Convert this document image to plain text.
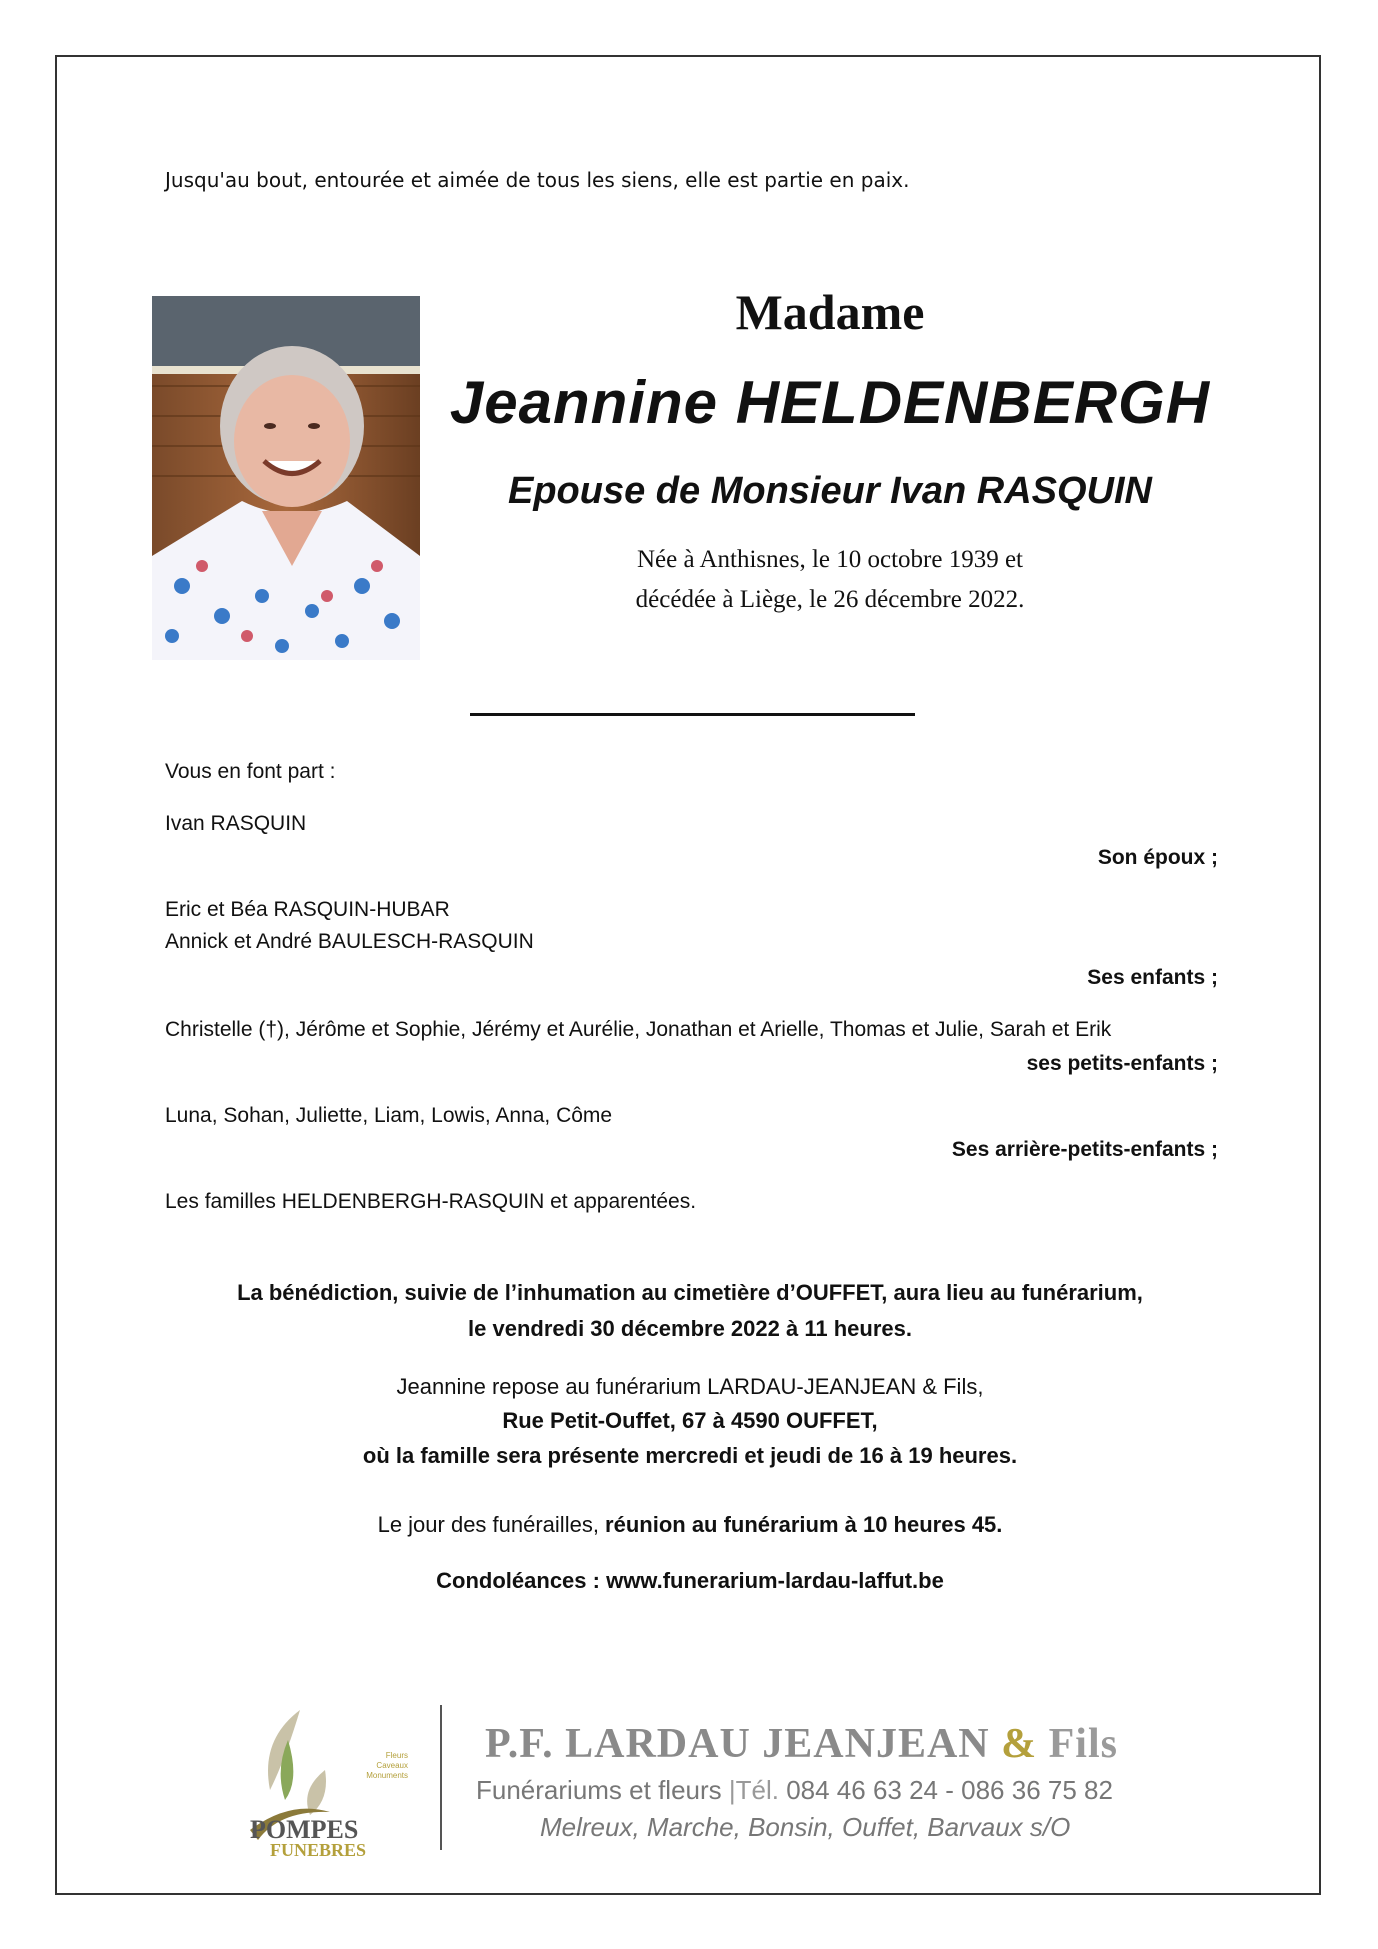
Jusqu'au bout, entourée et aimée de tous les siens, elle est partie en paix.
Madame
Jeannine HELDENBERGH
Epouse de Monsieur Ivan RASQUIN
Née à Anthisnes, le 10 octobre 1939 et
décédée à Liège, le 26 décembre 2022.
Vous en font part :
Ivan RASQUIN
Son époux ;
Eric et Béa RASQUIN-HUBAR
Annick et André BAULESCH-RASQUIN
Ses enfants ;
Christelle (†), Jérôme et Sophie, Jérémy et Aurélie, Jonathan et Arielle, Thomas et Julie, Sarah et Erik
ses petits-enfants ;
Luna, Sohan, Juliette, Liam, Lowis, Anna, Côme
Ses arrière-petits-enfants ;
Les familles HELDENBERGH-RASQUIN et apparentées.
La bénédiction, suivie de l’inhumation au cimetière d’OUFFET, aura lieu au funérarium,
le vendredi 30 décembre 2022 à 11 heures.
Jeannine repose au funérarium LARDAU-JEANJEAN & Fils,
Rue Petit-Ouffet, 67 à 4590 OUFFET,
où la famille sera présente mercredi et jeudi de 16 à 19 heures.
Le jour des funérailles, réunion au funérarium à 10 heures 45.
Condoléances : www.funerarium-lardau-laffut.be
POMPES
FUNEBRES
Fleurs
Caveaux
Monuments
P.F. LARDAU JEANJEAN & Fils
Funérariums et fleurs |Tél. 084 46 63 24 - 086 36 75 82
Melreux, Marche, Bonsin, Ouffet, Barvaux s/O
